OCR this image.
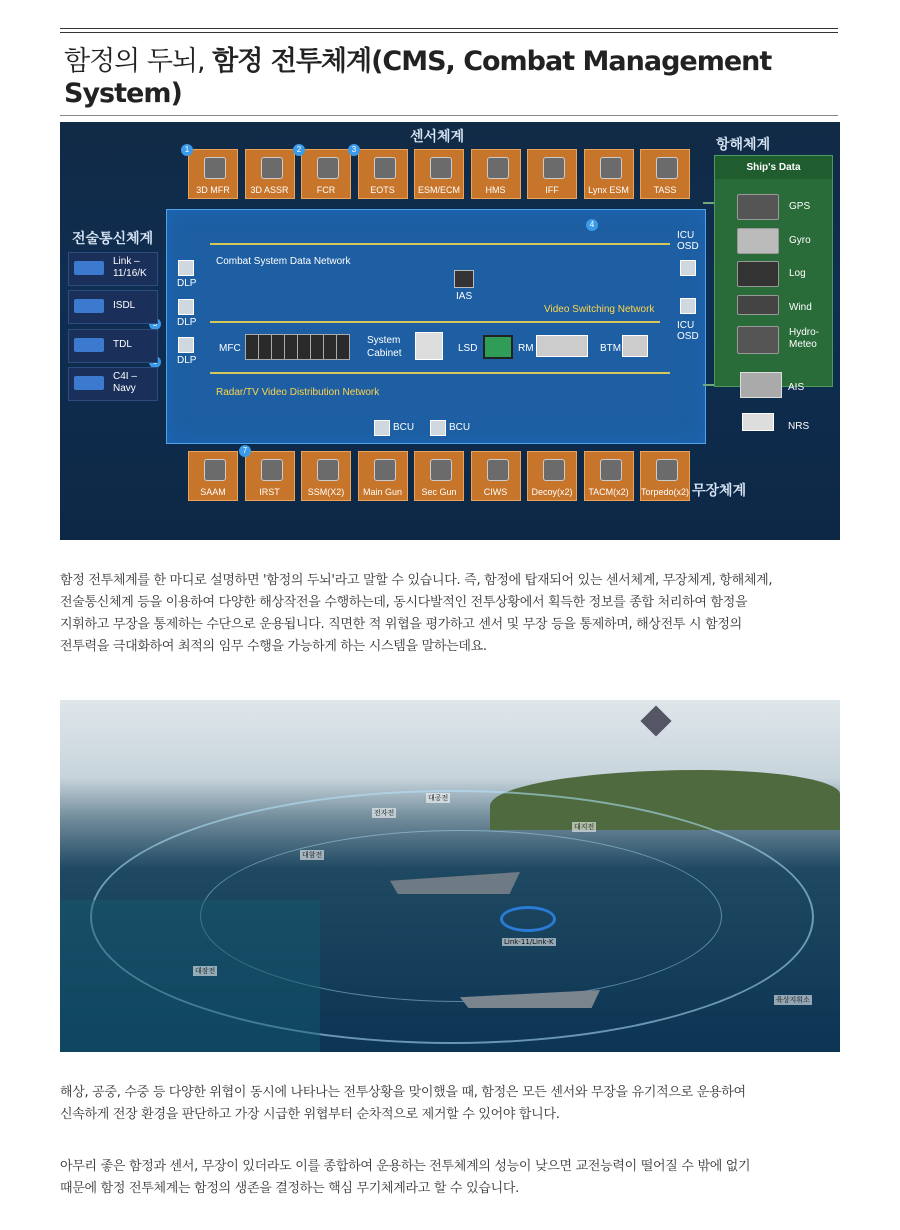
함정의 두뇌, 함정 전투체계(CMS, Combat Management System)
센서체계	항해체계
전술통신체계
무장체계
3D MFR	3D ASSR	FCR	EOTS	ESM/ECM	HMS	IFF	Lynx ESM	TASS
SAAM	IRST	SSM(X2)	Main Gun	Sec Gun	CIWS	Decoy(x2)	TACM(x2)	Torpedo(x2)
1	2	3
4
7
Link –
11/16/K
ISDL
TDL
C4I –
Navy
DLP
DLP
DLP
Combat System Data Network
IAS
Video Switching Network
MFC
System
Cabinet	LSD	RM	BTM
Radar/TV Video Distribution Network
BCU	BCU
ICU
OSD
ICU
OSD
Ship's Data
GPS
Gyro
Log
Wind
Hydro-
Meteo
AIS
NRS
함정 전투체계를 한 마디로 설명하면 '함정의 두뇌'라고 말할 수 있습니다. 즉, 함정에 탑재되어 있는 센서체계, 무장체계, 항해체계,
전술통신체계 등을 이용하여 다양한 해상작전을 수행하는데, 동시다발적인 전투상황에서 획득한 정보를 종합 처리하여 함정을
지휘하고 무장을 통제하는 수단으로 운용됩니다. 직면한 적 위협을 평가하고 센서 및 무장 등을 통제하며, 해상전투 시 함정의
전투력을 극대화하여 최적의 임무 수행을 가능하게 하는 시스템을 말하는데요.
대공전
전자전
대지전
대함전
대잠전
Link-11/Link-K
육상지휘소
해상, 공중, 수중 등 다양한 위협이 동시에 나타나는 전투상황을 맞이했을 때, 함정은 모든 센서와 무장을 유기적으로 운용하여
신속하게 전장 환경을 판단하고 가장 시급한 위협부터 순차적으로 제거할 수 있어야 합니다.
아무리 좋은 함정과 센서, 무장이 있더라도 이를 종합하여 운용하는 전투체계의 성능이 낮으면 교전능력이 떨어질 수 밖에 없기
때문에 함정 전투체계는 함정의 생존을 결정하는 핵심 무기체계라고 할 수 있습니다.
